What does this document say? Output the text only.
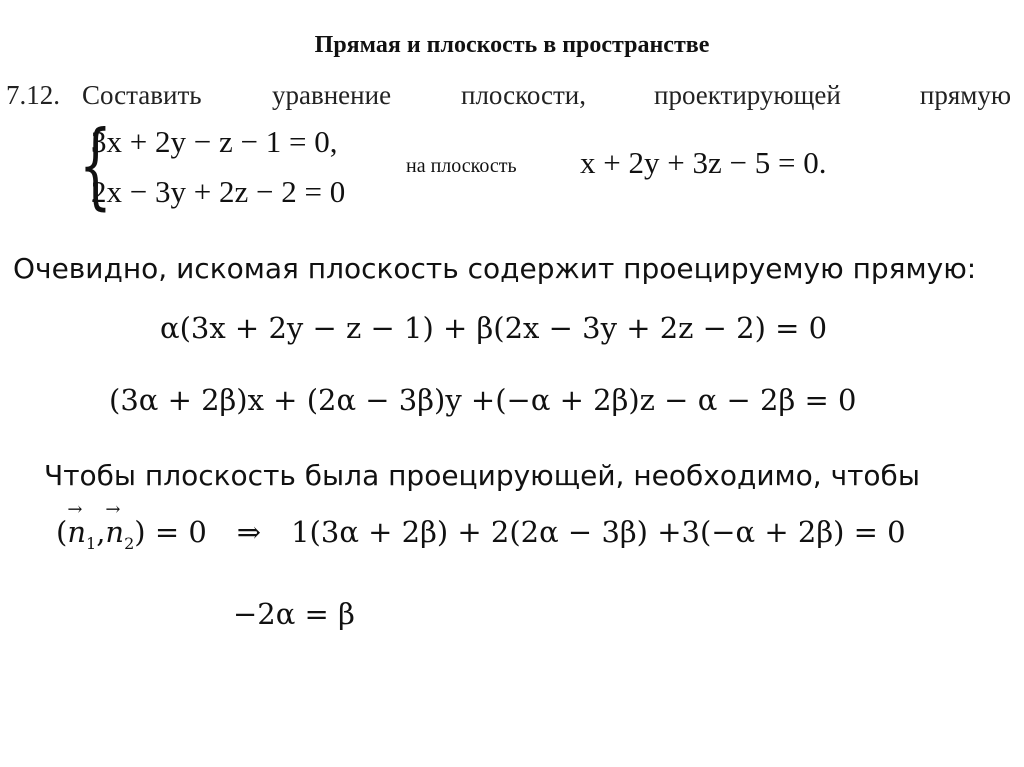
Прямая и плоскость в пространстве
7.12. Составить	уравнение	плоскости,	проектирующей	прямую
{
3x + 2y − z − 1 = 0,
2x − 3y + 2z − 2 = 0
на плоскость x + 2y + 3z − 5 = 0.
Очевидно, искомая плоскость содержит проецируемую прямую:
α(3x + 2y − z − 1) + β(2x − 3y + 2z − 2) = 0
(3α + 2β)x + (2α − 3β)y +(−α + 2β)z − α − 2β = 0
Чтобы плоскость была проецирующей, необходимо, чтобы
(→ $n_1,\to n_2) = 0$ ⇒ 1(3α + 2β) + 2(2α − 3β) +3(−α + 2β) = 0
−2α = β
